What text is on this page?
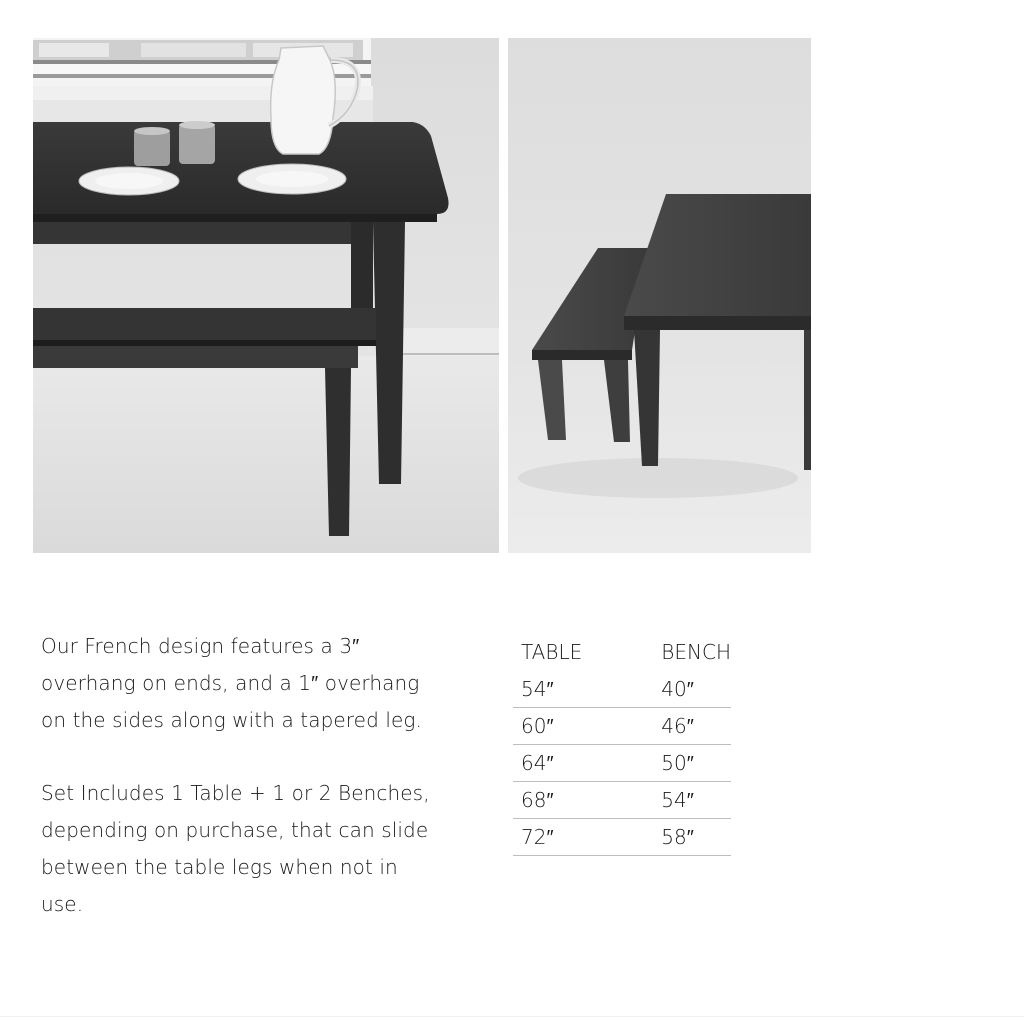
Our French design features a 3″ overhang on ends, and a 1″ overhang on the sides along with a tapered leg.

Set Includes 1 Table + 1 or 2 Benches, depending on purchase, that can slide between the table legs when not in use.

TABLE	BENCH
54″	40″
60″	46″
64″	50″
68″	54″
72″	58″
